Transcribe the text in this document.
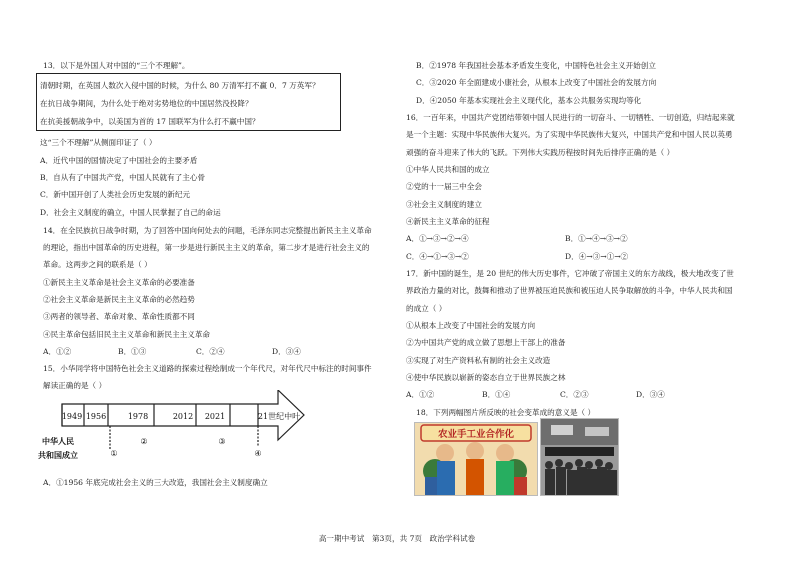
13．以下是外国人对中国的“三个不理解”。

清朝时期，在英国人数次入侵中国的时候，为什么 80 万清军打不赢 0．7 万英军？

在抗日战争期间，为什么处于绝对劣势地位的中国居然没投降？

在抗美援朝战争中，以美国为首的 17 国联军为什么打不赢中国？

这“三个不理解”从侧面印证了（ ）

A．近代中国的国情决定了中国社会的主要矛盾

B．自从有了中国共产党，中国人民就有了主心骨

C．新中国开创了人类社会历史发展的新纪元

D．社会主义制度的确立，中国人民掌握了自己的命运

14．在全民族抗日战争时期，为了回答中国向何处去的问题，毛泽东同志完整提出新民主主义革命

的理论，指出中国革命的历史进程，第一步是进行新民主主义的革命，第二步才是进行社会主义的

革命。这两步之间的联系是（ ）

①新民主主义革命是社会主义革命的必要准备

②社会主义革命是新民主主义革命的必然趋势

③两者的领导者、革命对象、革命性质都不同

④民主革命包括旧民主主义革命和新民主主义革命

A．①②	B．①③	C．②④	D．③④

15．小华同学将中国特色社会主义道路的探索过程绘制成一个年代尺，对年代尺中标注的时间事件

解读正确的是（ ）

1949 1956	1978	2012 2021	21世纪中叶
①
②	③
④
中华人民
共和国成立

A．①1956 年底完成社会主义的三大改造，我国社会主义制度确立

B．②1978 年我国社会基本矛盾发生变化，中国特色社会主义开始创立

C．③2020 年全面建成小康社会，从根本上改变了中国社会的发展方向

D．④2050 年基本实现社会主义现代化，基本公共服务实现均等化

16．一百年来，中国共产党团结带领中国人民进行的一切奋斗、一切牺牲、一切创造，归结起来就

是一个主题：实现中华民族伟大复兴。为了实现中华民族伟大复兴，中国共产党和中国人民以英勇

顽强的奋斗迎来了伟大的飞跃。下列伟大实践历程按时间先后排序正确的是（ ）

①中华人民共和国的成立

②党的十一届三中全会

③社会主义制度的建立

④新民主主义革命的征程

A．①→③→②→④	B．①→④→③→②

C．④→①→③→②	D．④→③→①→②

17．新中国的诞生，是 20 世纪的伟大历史事件，它冲破了帝国主义的东方战线，极大地改变了世

界政治力量的对比，鼓舞和推动了世界被压迫民族和被压迫人民争取解放的斗争，中华人民共和国

的成立（ ）

①从根本上改变了中国社会的发展方向

②为中国共产党的成立做了思想上干部上的准备

③实现了对生产资料私有制的社会主义改造

④使中华民族以崭新的姿态自立于世界民族之林

A．①②	B．①④	C．②③	D．③④

18．下列两幅图片所反映的社会变革成的意义是（ ）

农业手工业合作化
高一期中考试　第3页，共 7页　政治学科试卷
